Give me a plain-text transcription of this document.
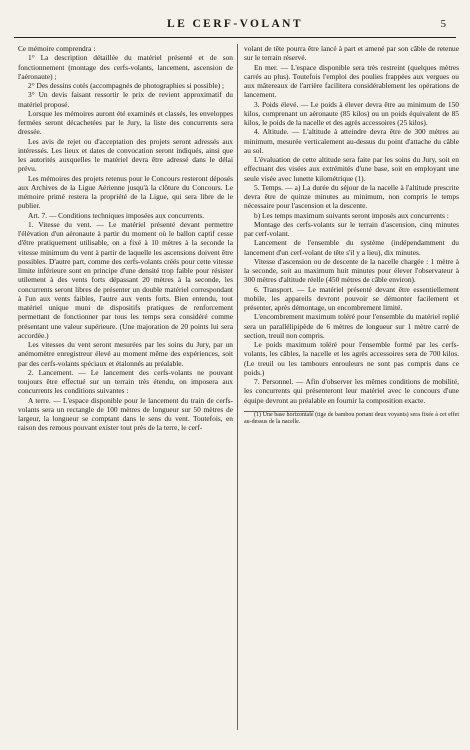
LE CERF-VOLANT	5

Ce mémoire comprendra :

1° La description détaillée du matériel présenté et de son fonctionnement (montage des cerfs-volants, lancement, ascension de l'aéronaute) ;

2° Des dessins cotés (accompagnés de photographies si possible) ;

3° Un devis faisant ressortir le prix de revient approximatif du matériel proposé.

Lorsque les mémoires auront été examinés et classés, les enveloppes fermées seront décachetées par le Jury, la liste des concurrents sera dressée.

Les avis de rejet ou d'acceptation des projets seront adressés aux intéressés. Les lieux et dates de convocation seront indiqués, ainsi que les autorités auxquelles le matériel devra être adressé dans le délai prévu.

Les mémoires des projets retenus pour le Concours resteront déposés aux Archives de la Ligue Aérienne jusqu'à la clôture du Concours. Le mémoire primé restera la propriété de la Ligue, qui sera libre de le publier.

Art. 7. — Conditions techniques imposées aux concurrents.

1. Vitesse du vent. — Le matériel présenté devant permettre l'élévation d'un aéronaute à partir du moment où le ballon captif cesse d'être pratiquement utilisable, on a fixé à 10 mètres à la seconde la vitesse minimum du vent à partir de laquelle les ascensions doivent être possibles. D'autre part, comme des cerfs-volants créés pour cette vitesse limite inférieure sont en principe d'une densité trop faible pour résister utilement à des vents forts dépassant 20 mètres à la seconde, les concurrents seront libres de présenter un double matériel correspondant à l'un aux vents faibles, l'autre aux vents forts. Bien entendu, tout matériel unique muni de dispositifs pratiques de renforcement permettant de fonctionner par tous les temps sera considéré comme présentant une valeur supérieure. (Une majoration de 20 points lui sera accordée.)

Les vitesses du vent seront mesurées par les soins du Jury, par un anémomètre enregistreur élevé au moment même des expériences, soit par des cerfs-volants spéciaux et étalonnés au préalable.

2. Lancement. — Le lancement des cerfs-volants ne pouvant toujours être effectué sur un terrain très étendu, on imposera aux concurrents les conditions suivantes :

A terre. — L'espace disponible pour le lancement du train de cerfs-volants sera un rectangle de 100 mètres de longueur sur 50 mètres de largeur, la longueur se comptant dans le sens du vent. Toutefois, en raison des remous pouvant exister tout près de la terre, le cerf-

volant de tête pourra être lancé à part et amené par son câble de retenue sur le terrain réservé.

En mer. — L'espace disponible sera très restreint (quelques mètres carrés au plus). Toutefois l'emploi des poulies frappées aux vergues ou aux mâtereaux de l'arrière facilitera considérablement les opérations de lancement.

3. Poids élevé. — Le poids à élever devra être au minimum de 150 kilos, comprenant un aéronaute (85 kilos) ou un poids équivalent de 85 kilos, le poids de la nacelle et des agrès accessoires (25 kilos).

4. Altitude. — L'altitude à atteindre devra être de 300 mètres au minimum, mesurée verticalement au-dessus du point d'attache du câble au sol.

L'évaluation de cette altitude sera faite par les soins du Jury, soit en effectuant des visées aux extrémités d'une base, soit en employant une seule visée avec lunette kilométrique (1).

5. Temps. — a) La durée du séjour de la nacelle à l'altitude prescrite devra être de quinze minutes au minimum, non compris le temps nécessaire pour l'ascension et la descente.

b) Les temps maximum suivants seront imposés aux concurrents :

Montage des cerfs-volants sur le terrain d'ascension, cinq minutes par cerf-volant.

Lancement de l'ensemble du système (indépendamment du lancement d'un cerf-volant de tête s'il y a lieu), dix minutes.

Vitesse d'ascension ou de descente de la nacelle chargée : 1 mètre à la seconde, soit au maximum huit minutes pour élever l'observateur à 300 mètres d'altitude réelle (450 mètres de câble environ).

6. Transport. — Le matériel présenté devant être essentiellement mobile, les appareils devront pouvoir se démonter facilement et présenter, après démontage, un encombrement limité.

L'encombrement maximum toléré pour l'ensemble du matériel replié sera un parallélipipède de 6 mètres de longueur sur 1 mètre carré de section, treuil non compris.

Le poids maximum toléré pour l'ensemble formé par les cerfs-volants, les câbles, la nacelle et les agrès accessoires sera de 700 kilos. (Le treuil ou les tambours enrouleurs ne sont pas compris dans ce poids.)

7. Personnel. — Afin d'observer les mêmes conditions de mobilité, les concurrents qui présenteront leur matériel avec le concours d'une équipe devront au préalable en fournir la composition exacte.

(1) Une base horizontale (tige de bambou portant deux voyants) sera fixée à cet effet au-dessus de la nacelle.
